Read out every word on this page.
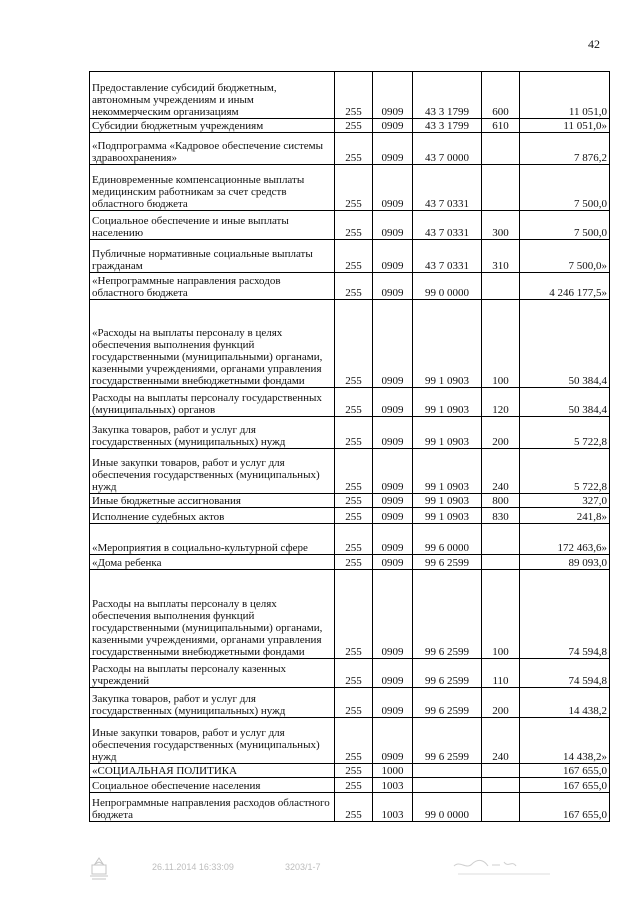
42
Предоставление субсидий бюджетным, автономным учреждениям и иным некоммерческим организациям	255	0909	43 3 1799	600	11 051,0
Субсидии бюджетным учреждениям	255	0909	43 3 1799	610	11 051,0»
«Подпрограмма «Кадровое обеспечение системы здравоохранения»	255	0909	43 7 0000		7 876,2
Единовременные компенсационные выплаты медицинским работникам за счет средств областного бюджета	255	0909	43 7 0331		7 500,0
Социальное обеспечение и иные выплаты населению	255	0909	43 7 0331	300	7 500,0
Публичные нормативные социальные выплаты гражданам	255	0909	43 7 0331	310	7 500,0»
«Непрограммные направления расходов областного бюджета	255	0909	99 0 0000		4 246 177,5»
«Расходы на выплаты персоналу в целях обеспечения выполнения функций государственными (муниципальными) органами, казенными учреждениями, органами управления государственными внебюджетными фондами	255	0909	99 1 0903	100	50 384,4
Расходы на выплаты персоналу государственных (муниципальных) органов	255	0909	99 1 0903	120	50 384,4
Закупка товаров, работ и услуг для государственных (муниципальных) нужд	255	0909	99 1 0903	200	5 722,8
Иные закупки товаров, работ и услуг для обеспечения государственных (муниципальных) нужд	255	0909	99 1 0903	240	5 722,8
Иные бюджетные ассигнования	255	0909	99 1 0903	800	327,0
Исполнение судебных актов	255	0909	99 1 0903	830	241,8»
«Мероприятия в социально-культурной сфере	255	0909	99 6 0000		172 463,6»
«Дома ребенка	255	0909	99 6 2599		89 093,0
Расходы на выплаты персоналу в целях обеспечения выполнения функций государственными (муниципальными) органами, казенными учреждениями, органами управления государственными внебюджетными фондами	255	0909	99 6 2599	100	74 594,8
Расходы на выплаты персоналу казенных учреждений	255	0909	99 6 2599	110	74 594,8
Закупка товаров, работ и услуг для государственных (муниципальных) нужд	255	0909	99 6 2599	200	14 438,2
Иные закупки товаров, работ и услуг для обеспечения государственных (муниципальных) нужд	255	0909	99 6 2599	240	14 438,2»
«СОЦИАЛЬНАЯ ПОЛИТИКА	255	1000			167 655,0
Социальное обеспечение населения	255	1003			167 655,0
Непрограммные направления расходов областного бюджета	255	1003	99 0 0000		167 655,0
26.11.2014 16:33:09	3203/1-7
